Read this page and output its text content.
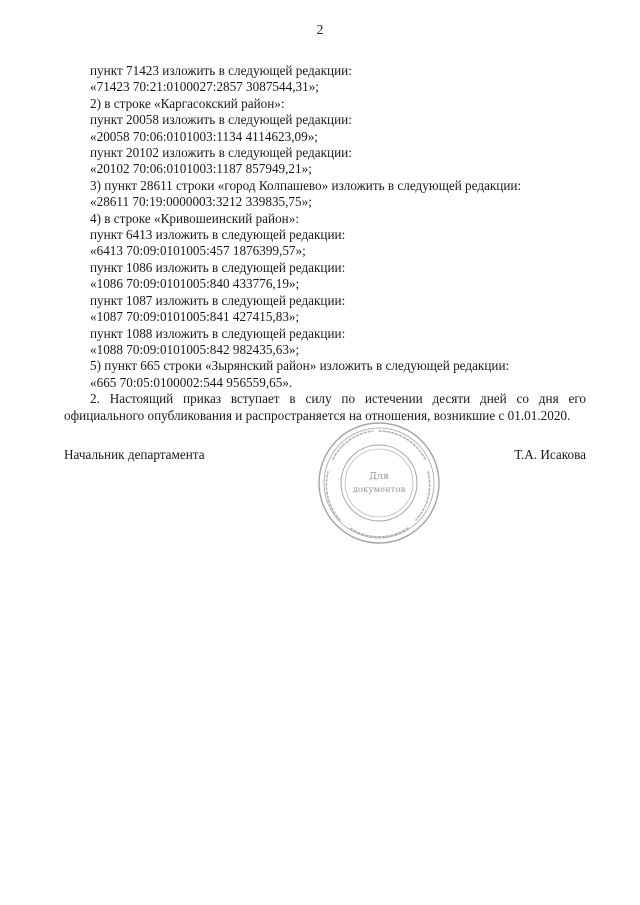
2

пункт 71423 изложить в следующей редакции:

«71423 70:21:0100027:2857 3087544,31»;

2) в строке «Каргасокский район»:

пункт 20058 изложить в следующей редакции:

«20058 70:06:0101003:1134 4114623,09»;

пункт 20102 изложить в следующей редакции:

«20102 70:06:0101003:1187 857949,21»;

3) пункт 28611 строки «город Колпашево» изложить в следующей редакции:

«28611 70:19:0000003:3212 339835,75»;

4) в строке «Кривошеинский район»:

пункт 6413 изложить в следующей редакции:

«6413 70:09:0101005:457 1876399,57»;

пункт 1086 изложить в следующей редакции:

«1086 70:09:0101005:840 433776,19»;

пункт 1087 изложить в следующей редакции:

«1087 70:09:0101005:841 427415,83»;

пункт 1088 изложить в следующей редакции:

«1088 70:09:0101005:842 982435,63»;

5) пункт 665 строки «Зырянский район» изложить в следующей редакции:

«665 70:05:0100002:544 956559,65».

2. Настоящий приказ вступает в силу по истечении десяти дней со дня его официального опубликования и распространяется на отношения, возникшие с 01.01.2020.

Начальник департамента	Т.А. Исакова
Для
документов
